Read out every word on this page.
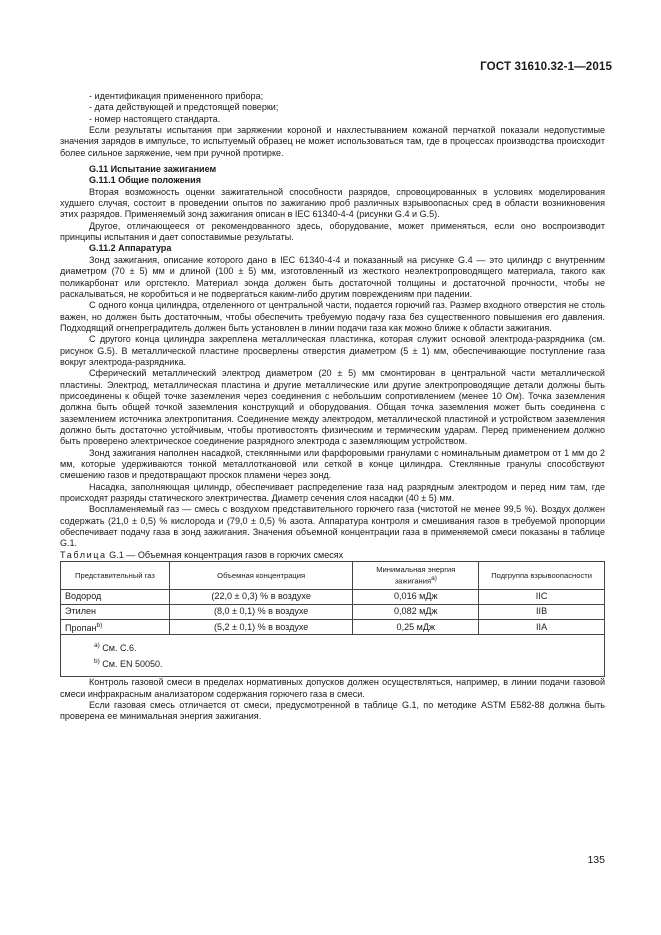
ГОСТ 31610.32-1—2015

- идентификация примененного прибора;

- дата действующей и предстоящей поверки;

- номер настоящего стандарта.

Если результаты испытания при заряжении короной и нахлестыванием кожаной перчаткой показали недопустимые значения зарядов в импульсе, то испытуемый образец не может использоваться там, где в процессах производства происходит более сильное заряжение, чем при ручной протирке.

G.11 Испытание зажиганием

G.11.1 Общие положения

Вторая возможность оценки зажигательной способности разрядов, спровоцированных в условиях моделирования худшего случая, состоит в проведении опытов по зажиганию проб различных взрывоопасных сред в области возникновения этих разрядов. Применяемый зонд зажигания описан в IEC 61340-4-4 (рисунки G.4 и G.5).

Другое, отличающееся от рекомендованного здесь, оборудование, может применяться, если оно воспроизводит принципы испытания и дает сопоставимые результаты.

G.11.2 Аппаратура

Зонд зажигания, описание которого дано в IEC 61340-4-4 и показанный на рисунке G.4 — это цилиндр с внутренним диаметром (70 ± 5) мм и длиной (100 ± 5) мм, изготовленный из жесткого неэлектропроводящего материала, такого как поликарбонат или оргстекло. Материал зонда должен быть достаточной толщины и достаточной прочности, чтобы не раскалываться, не коробиться и не подвергаться каким-либо другим повреждениям при падении.

С одного конца цилиндра, отделенного от центральной части, подается горючий газ. Размер входного отверстия не столь важен, но должен быть достаточным, чтобы обеспечить требуемую подачу газа без существенного повышения его давления. Подходящий огнепреградитель должен быть установлен в линии подачи газа как можно ближе к области зажигания.

С другого конца цилиндра закреплена металлическая пластинка, которая служит основой электрода-разрядника (см. рисунок G.5). В металлической пластине просверлены отверстия диаметром (5 ± 1) мм, обеспечивающие поступление газа вокруг электрода-разрядника.

Сферический металлический электрод диаметром (20 ± 5) мм смонтирован в центральной части металлической пластины. Электрод, металлическая пластина и другие металлические или другие электропроводящие детали должны быть присоединены к общей точке заземления через соединения с небольшим сопротивлением (менее 10 Ом). Точка заземления должна быть общей точкой заземления конструкций и оборудования. Общая точка заземления может быть соединена с заземлением источника электропитания. Соединение между электродом, металлической пластиной и устройством заземления должно быть достаточно устойчивым, чтобы противостоять физическим и термическим ударам. Перед применением должно быть проверено электрическое соединение разрядного электрода с заземляющим устройством.

Зонд зажигания наполнен насадкой, стеклянными или фарфоровыми гранулами с номинальным диаметром от 1 мм до 2 мм, которые удерживаются тонкой металлоткановой или сеткой в конце цилиндра. Стеклянные гранулы способствуют смешению газов и предотвращают проскок пламени через зонд.

Насадка, заполняющая цилиндр, обеспечивает распределение газа над разрядным электродом и перед ним там, где происходят разряды статического электричества. Диаметр сечения слоя насадки (40 ± 5) мм.

Воспламеняемый газ — смесь с воздухом представительного горючего газа (чистотой не менее 99,5 %). Воздух должен содержать (21,0 ± 0,5) % кислорода и (79,0 ± 0,5) % азота. Аппаратура контроля и смешивания газов в требуемой пропорции обеспечивает подачу газа в зонд зажигания. Значения объемной концентрации газа в применяемой смеси показаны в таблице G.1.

Таблица G.1 — Объемная концентрация газов в горючих смесях

Представительный газ	Объемная концентрация	Минимальная энергия зажигания$^{a)}$	Подгруппа взрывоопасности
Водород	(22,0 ± 0,3) % в воздухе	0,016 мДж	IIC
Этилен	(8,0 ± 0,1) % в воздухе	0,082 мДж	IIB
Пропан$^{b)}$	(5,2 ± 0,1) % в воздухе	0,25 мДж	IIA

$^{a)}$ См. С.6.
$^{b)}$ См. EN 50050.			

Контроль газовой смеси в пределах нормативных допусков должен осуществляться, например, в линии подачи газовой смеси инфракрасным анализатором содержания горючего газа в смеси.

Если газовая смесь отличается от смеси, предусмотренной в таблице G.1, по методике ASTM E582-88 должна быть проверена ее минимальная энергия зажигания.

135
